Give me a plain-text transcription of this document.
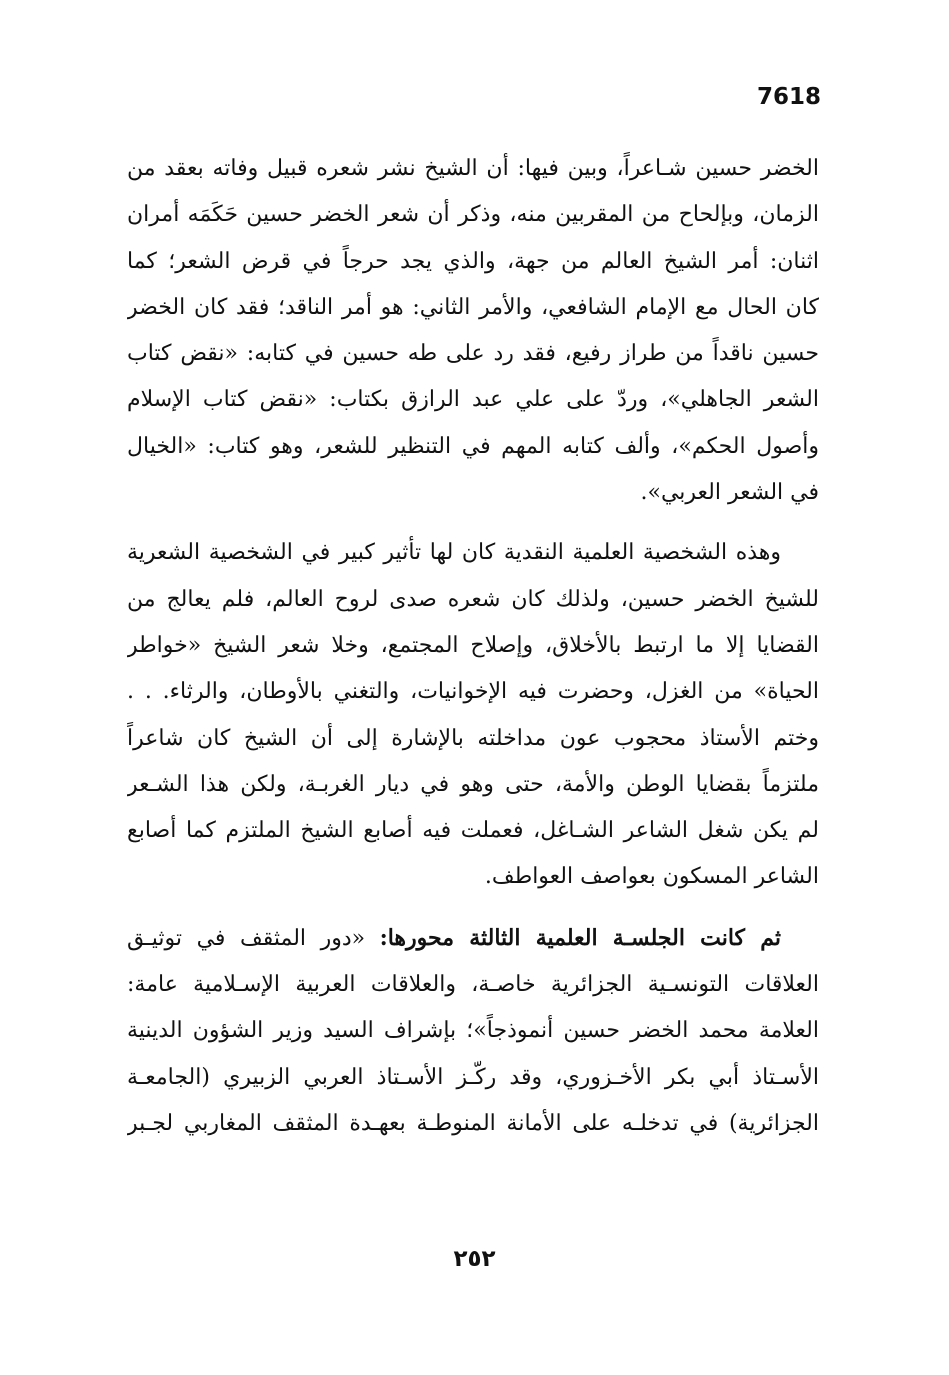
7618

الخضر حسين شـاعراً، وبين فيها: أن الشيخ نشر شعره قبيل وفاته بعقد من
الزمان، وبإلحاح من المقربين منه، وذكر أن شعر الخضر حسين حَكَمَه أمران
اثنان: أمر الشيخ العالم من جهة، والذي يجد حرجاً في قرض الشعر؛ كما
كان الحال مع الإمام الشافعي، والأمر الثاني: هو أمر الناقد؛ فقد كان الخضر
حسين ناقداً من طراز رفيع، فقد رد على طه حسين في كتابه: «نقض كتاب
الشعر الجاهلي»، وردّ على علي عبد الرازق بكتاب: «نقض كتاب الإسلام
وأصول الحكم»، وألف كتابه المهم في التنظير للشعر، وهو كتاب: «الخيال
في الشعر العربي».

وهذه الشخصية العلمية النقدية كان لها تأثير كبير في الشخصية الشعرية
للشيخ الخضر حسين، ولذلك كان شعره صدى لروح العالم، فلم يعالج من
القضايا إلا ما ارتبط بالأخلاق، وإصلاح المجتمع، وخلا شعر الشيخ «خواطر
الحياة» من الغزل، وحضرت فيه الإخوانيات، والتغني بالأوطان، والرثاء. . .
وختم الأستاذ محجوب عون مداخلته بالإشارة إلى أن الشيخ كان شاعراً
ملتزماً بقضايا الوطن والأمة، حتى وهو في ديار الغربـة، ولكن هذا الشـعر
لم يكن شغل الشاعر الشـاغل، فعملت فيه أصابع الشيخ الملتزم كما أصابع
الشاعر المسكون بعواصف العواطف.

ثم كانت الجلسـة العلمية الثالثة محورها: «دور المثقف في توثيـق
العلاقات التونسـية الجزائرية خاصـة، والعلاقات العربية الإسـلامية عامة:
العلامة محمد الخضر حسين أنموذجاً»؛ بإشراف السيد وزير الشؤون الدينية
الأسـتاذ أبي بكر الأخـزوري، وقد ركّـز الأسـتاذ العربي الزبيري (الجامعـة
الجزائرية) في تدخلـه على الأمانة المنوطـة بعهـدة المثقف المغاربي لجـبر

٢٥٢
